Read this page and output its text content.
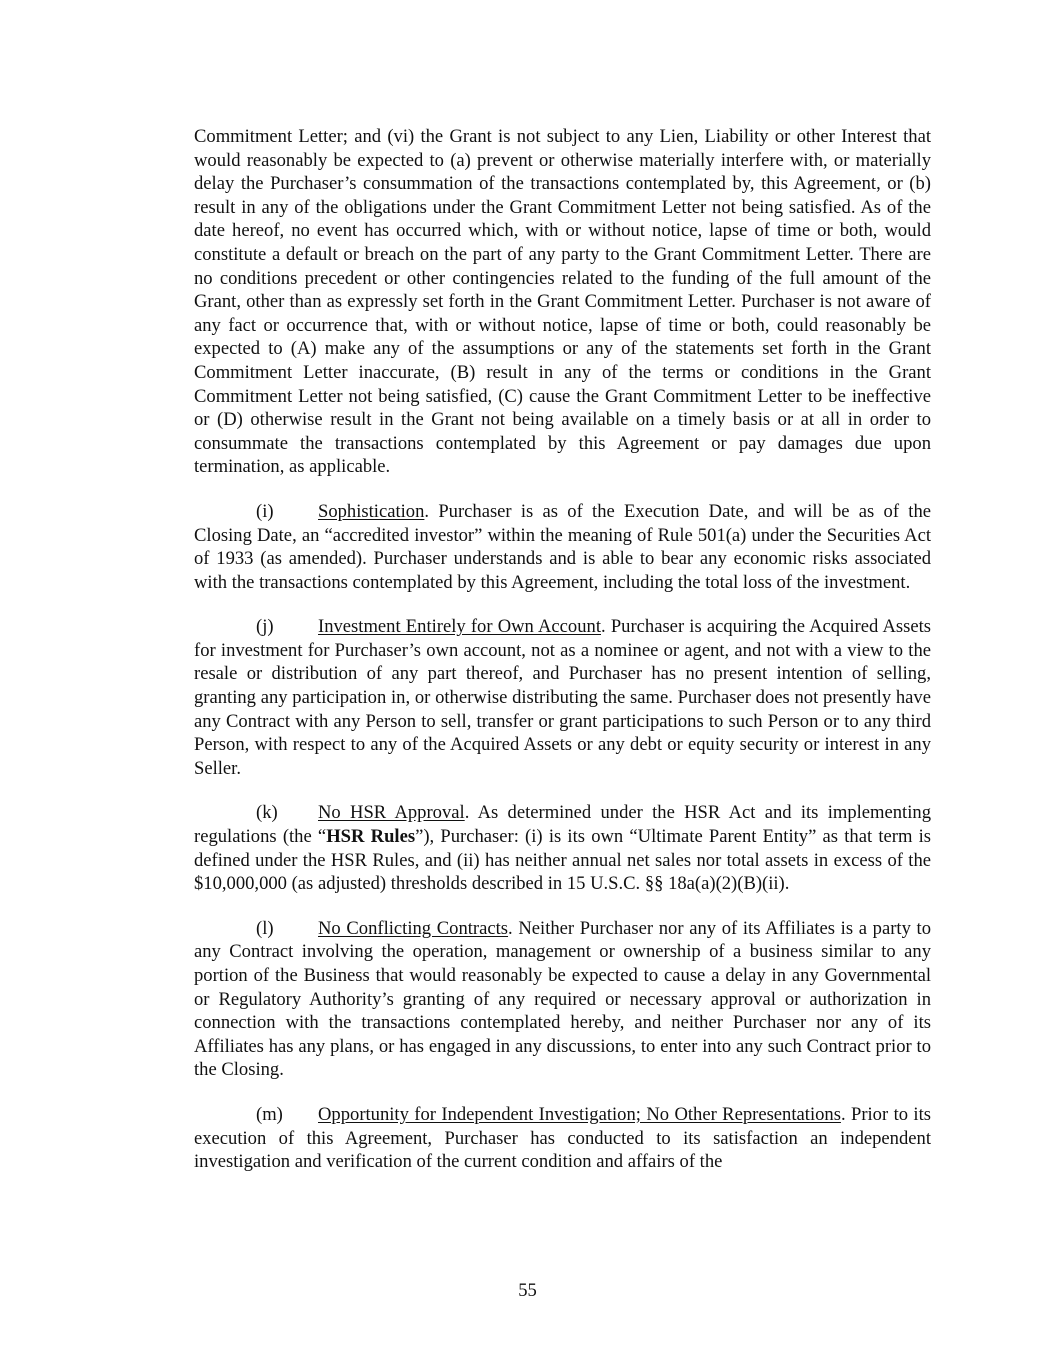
Commitment Letter; and (vi) the Grant is not subject to any Lien, Liability or other Interest that would reasonably be expected to (a) prevent or otherwise materially interfere with, or materially delay the Purchaser’s consummation of the transactions contemplated by, this Agreement, or (b) result in any of the obligations under the Grant Commitment Letter not being satisfied. As of the date hereof, no event has occurred which, with or without notice, lapse of time or both, would constitute a default or breach on the part of any party to the Grant Commitment Letter. There are no conditions precedent or other contingencies related to the funding of the full amount of the Grant, other than as expressly set forth in the Grant Commitment Letter. Purchaser is not aware of any fact or occurrence that, with or without notice, lapse of time or both, could reasonably be expected to (A) make any of the assumptions or any of the statements set forth in the Grant Commitment Letter inaccurate, (B) result in any of the terms or conditions in the Grant Commitment Letter not being satisfied, (C) cause the Grant Commitment Letter to be ineffective or (D) otherwise result in the Grant not being available on a timely basis or at all in order to consummate the transactions contemplated by this Agreement or pay damages due upon termination, as applicable.

(i) Sophistication. Purchaser is as of the Execution Date, and will be as of the Closing Date, an “accredited investor” within the meaning of Rule 501(a) under the Securities Act of 1933 (as amended). Purchaser understands and is able to bear any economic risks associated with the transactions contemplated by this Agreement, including the total loss of the investment.

(j) Investment Entirely for Own Account. Purchaser is acquiring the Acquired Assets for investment for Purchaser’s own account, not as a nominee or agent, and not with a view to the resale or distribution of any part thereof, and Purchaser has no present intention of selling, granting any participation in, or otherwise distributing the same. Purchaser does not presently have any Contract with any Person to sell, transfer or grant participations to such Person or to any third Person, with respect to any of the Acquired Assets or any debt or equity security or interest in any Seller.

(k) No HSR Approval. As determined under the HSR Act and its implementing regulations (the “HSR Rules”), Purchaser: (i) is its own “Ultimate Parent Entity” as that term is defined under the HSR Rules, and (ii) has neither annual net sales nor total assets in excess of the $10,000,000 (as adjusted) thresholds described in 15 U.S.C. §§ 18a(a)(2)(B)(ii).

(l) No Conflicting Contracts. Neither Purchaser nor any of its Affiliates is a party to any Contract involving the operation, management or ownership of a business similar to any portion of the Business that would reasonably be expected to cause a delay in any Governmental or Regulatory Authority’s granting of any required or necessary approval or authorization in connection with the transactions contemplated hereby, and neither Purchaser nor any of its Affiliates has any plans, or has engaged in any discussions, to enter into any such Contract prior to the Closing.

(m) Opportunity for Independent Investigation; No Other Representations. Prior to its execution of this Agreement, Purchaser has conducted to its satisfaction an independent investigation and verification of the current condition and affairs of the

55
